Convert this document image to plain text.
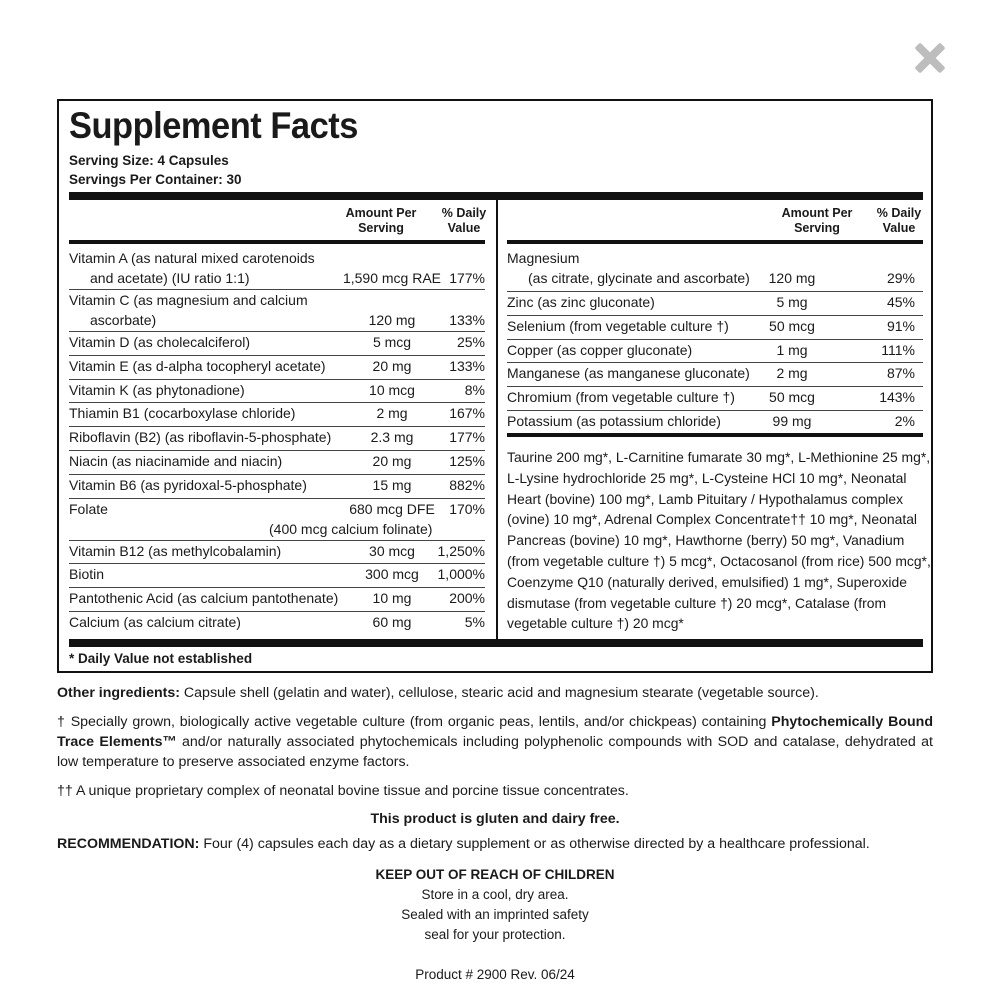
Supplement Facts
Serving Size: 4 Capsules
Servings Per Container: 30
Amount Per
Serving
% Daily
Value
Amount Per
Serving
% Daily
Value
Vitamin A (as natural mixed carotenoids
and acetate) (IU ratio 1:1)	1,590 mcg RAE 177%
Vitamin C (as magnesium and calcium
ascorbate)	120 mg	133%
Vitamin D (as cholecalciferol)	5 mcg	25%
Vitamin E (as d-alpha tocopheryl acetate)	20 mg	133%
Vitamin K (as phytonadione)	10 mcg	8%
Thiamin B1 (cocarboxylase chloride)	2 mg	167%
Riboflavin (B2) (as riboflavin-5-phosphate)	2.3 mg	177%
Niacin (as niacinamide and niacin)	20 mg	125%
Vitamin B6 (as pyridoxal-5-phosphate)	15 mg	882%
Folate	680 mcg DFE	170%
(400 mcg calcium folinate)
Vitamin B12 (as methylcobalamin)	30 mcg	1,250%
Biotin	300 mcg	1,000%
Pantothenic Acid (as calcium pantothenate)	10 mg	200%
Calcium (as calcium citrate)	60 mg	5%
Magnesium
(as citrate, glycinate and ascorbate)	120 mg	29%
Zinc (as zinc gluconate)	5 mg	45%
Selenium (from vegetable culture †)	50 mcg	91%
Copper (as copper gluconate)	1 mg	111%
Manganese (as manganese gluconate)	2 mg	87%
Chromium (from vegetable culture †)	50 mcg	143%
Potassium (as potassium chloride)	99 mg	2%
Taurine 200 mg*, L-Carnitine fumarate 30 mg*, L-Methionine 25 mg*,
L-Lysine hydrochloride 25 mg*, L-Cysteine HCl 10 mg*, Neonatal
Heart (bovine) 100 mg*, Lamb Pituitary / Hypothalamus complex
(ovine) 10 mg*, Adrenal Complex Concentrate†† 10 mg*, Neonatal
Pancreas (bovine) 10 mg*, Hawthorne (berry) 50 mg*, Vanadium
(from vegetable culture †) 5 mcg*, Octacosanol (from rice) 500 mcg*,
Coenzyme Q10 (naturally derived, emulsified) 1 mg*, Superoxide
dismutase (from vegetable culture †) 20 mcg*, Catalase (from
vegetable culture †) 20 mcg*
* Daily Value not established
Other ingredients: Capsule shell (gelatin and water), cellulose, stearic acid and magnesium stearate (vegetable source).
† Specially grown, biologically active vegetable culture (from organic peas, lentils, and/or chickpeas) containing Phytochemically Bound Trace Elements™ and/or naturally associated phytochemicals including polyphenolic compounds with SOD and catalase, dehydrated at low temperature to preserve associated enzyme factors.
†† A unique proprietary complex of neonatal bovine tissue and porcine tissue concentrates.
This product is gluten and dairy free.
RECOMMENDATION: Four (4) capsules each day as a dietary supplement or as otherwise directed by a healthcare professional.
KEEP OUT OF REACH OF CHILDREN
Store in a cool, dry area.
Sealed with an imprinted safety
seal for your protection.
Product # 2900 Rev. 06/24
